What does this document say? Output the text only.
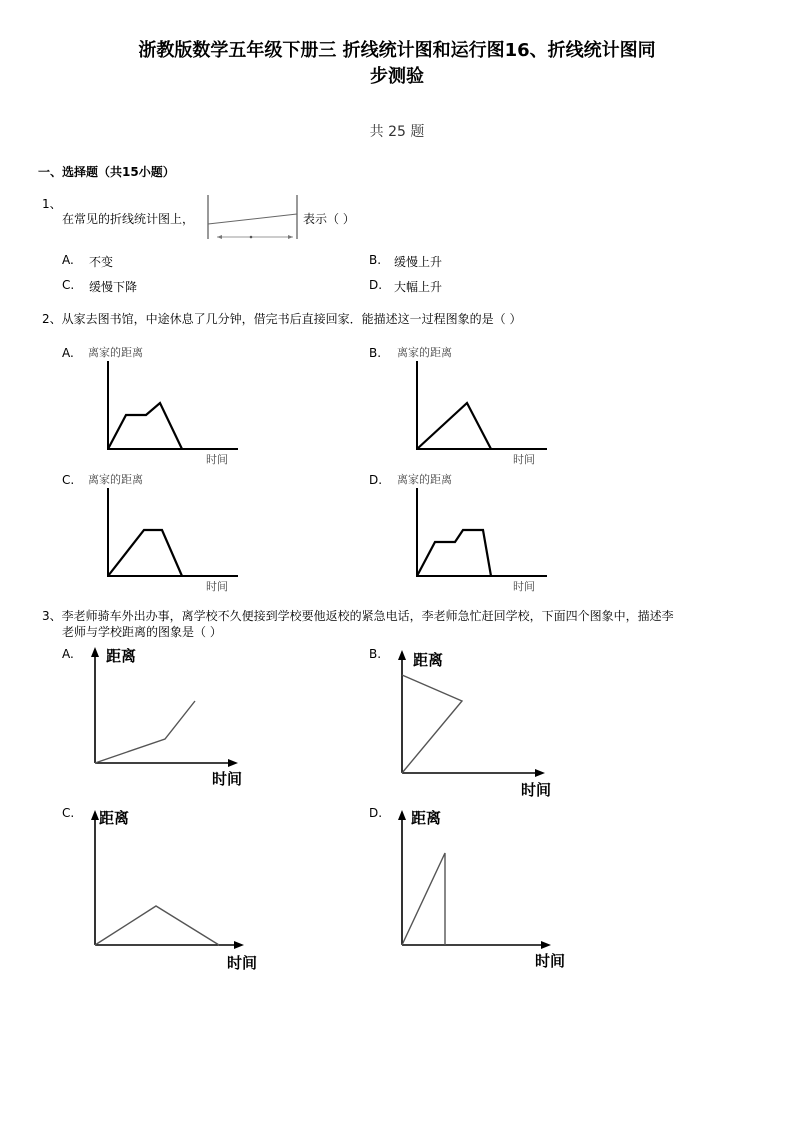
浙教版数学五年级下册三 折线统计图和运行图16、折线统计图同
步测验
共 25 题
一、选择题（共15小题）
1、
在常见的折线统计图上，	表示（ ）
A. 不变	B. 缓慢上升
C. 缓慢下降	D. 大幅上升
2、从家去图书馆，中途休息了几分钟，借完书后直接回家．能描述这一过程图象的是（ ）
A. 离家的距离
时间
B. 离家的距离
时间
C. 离家的距离
时间
D. 离家的距离
时间
3、李老师骑车外出办事，离学校不久便接到学校要他返校的紧急电话，李老师急忙赶回学校，下面四个图象中，描述李
老师与学校距离的图象是（ ）
A. 距离
时间
B. 距离
时间
C. 距离
时间
D. 距离
时间
